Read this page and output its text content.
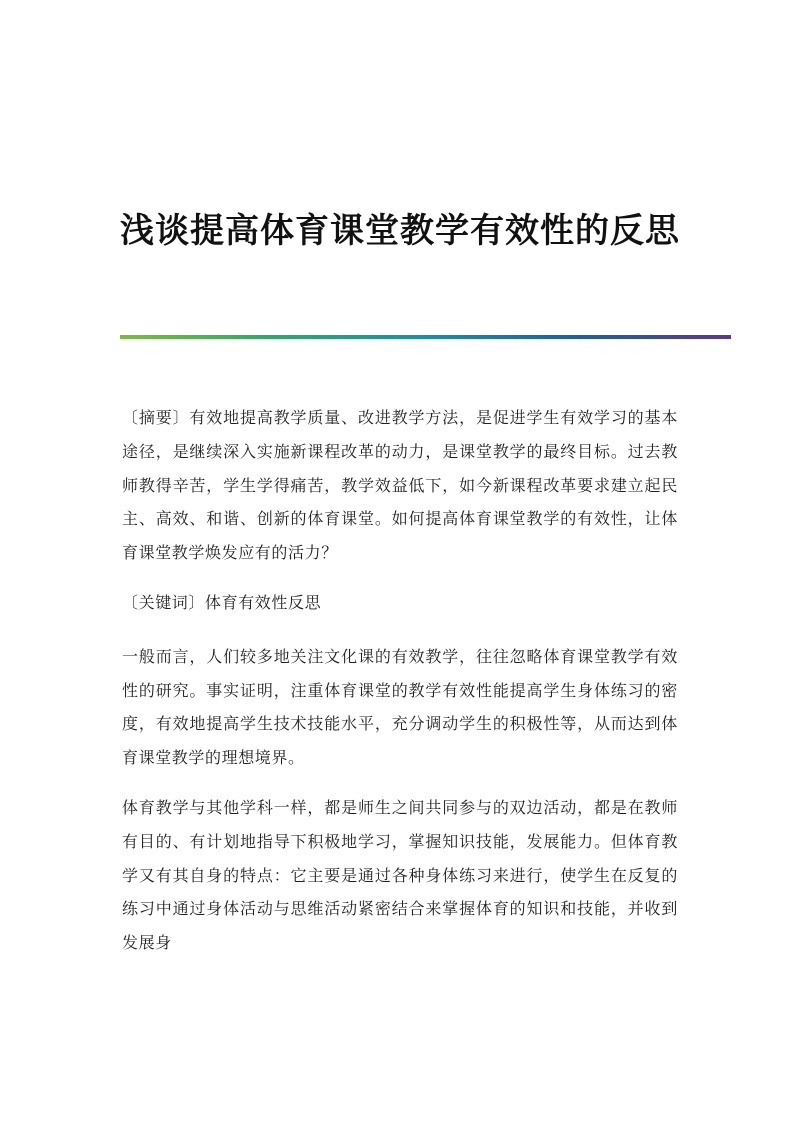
浅谈提高体育课堂教学有效性的反思

〔摘要〕有效地提高教学质量、改进教学方法，是促进学生有效学习的基本途径，是继续深入实施新课程改革的动力，是课堂教学的最终目标。过去教师教得辛苦，学生学得痛苦，教学效益低下，如今新课程改革要求建立起民主、高效、和谐、创新的体育课堂。如何提高体育课堂教学的有效性，让体育课堂教学焕发应有的活力？

〔关键词〕体育有效性反思

一般而言，人们较多地关注文化课的有效教学，往往忽略体育课堂教学有效性的研究。事实证明，注重体育课堂的教学有效性能提高学生身体练习的密度，有效地提高学生技术技能水平，充分调动学生的积极性等，从而达到体育课堂教学的理想境界。

体育教学与其他学科一样，都是师生之间共同参与的双边活动，都是在教师有目的、有计划地指导下积极地学习，掌握知识技能，发展能力。但体育教学又有其自身的特点：它主要是通过各种身体练习来进行，使学生在反复的练习中通过身体活动与思维活动紧密结合来掌握体育的知识和技能，并收到发展身
